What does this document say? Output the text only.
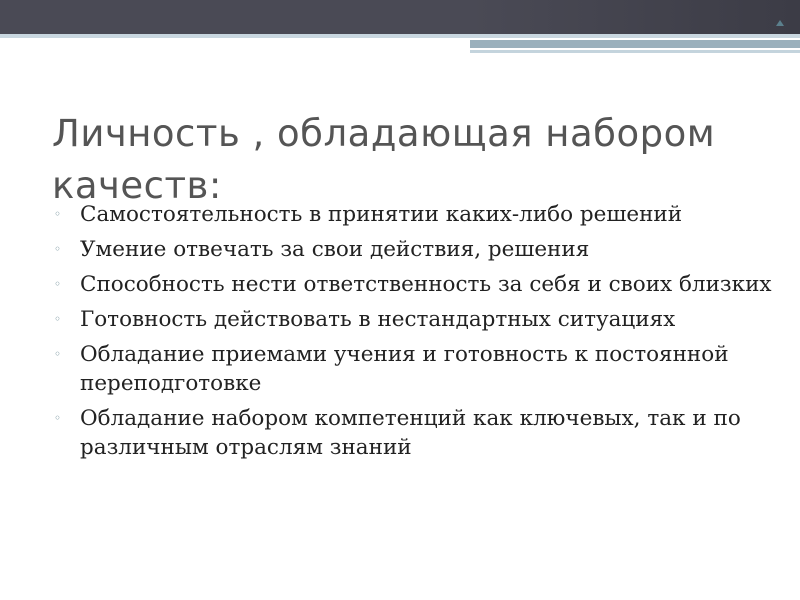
Личность , обладающая набором качеств:
◦ Самостоятельность в принятии каких-либо решений
◦ Умение отвечать за свои действия, решения
◦ Способность нести ответственность за себя и своих близких
◦ Готовность действовать в нестандартных ситуациях
◦ Обладание приемами учения и готовность к постоянной переподготовке
◦ Обладание набором компетенций как ключевых, так и по различным отраслям знаний
